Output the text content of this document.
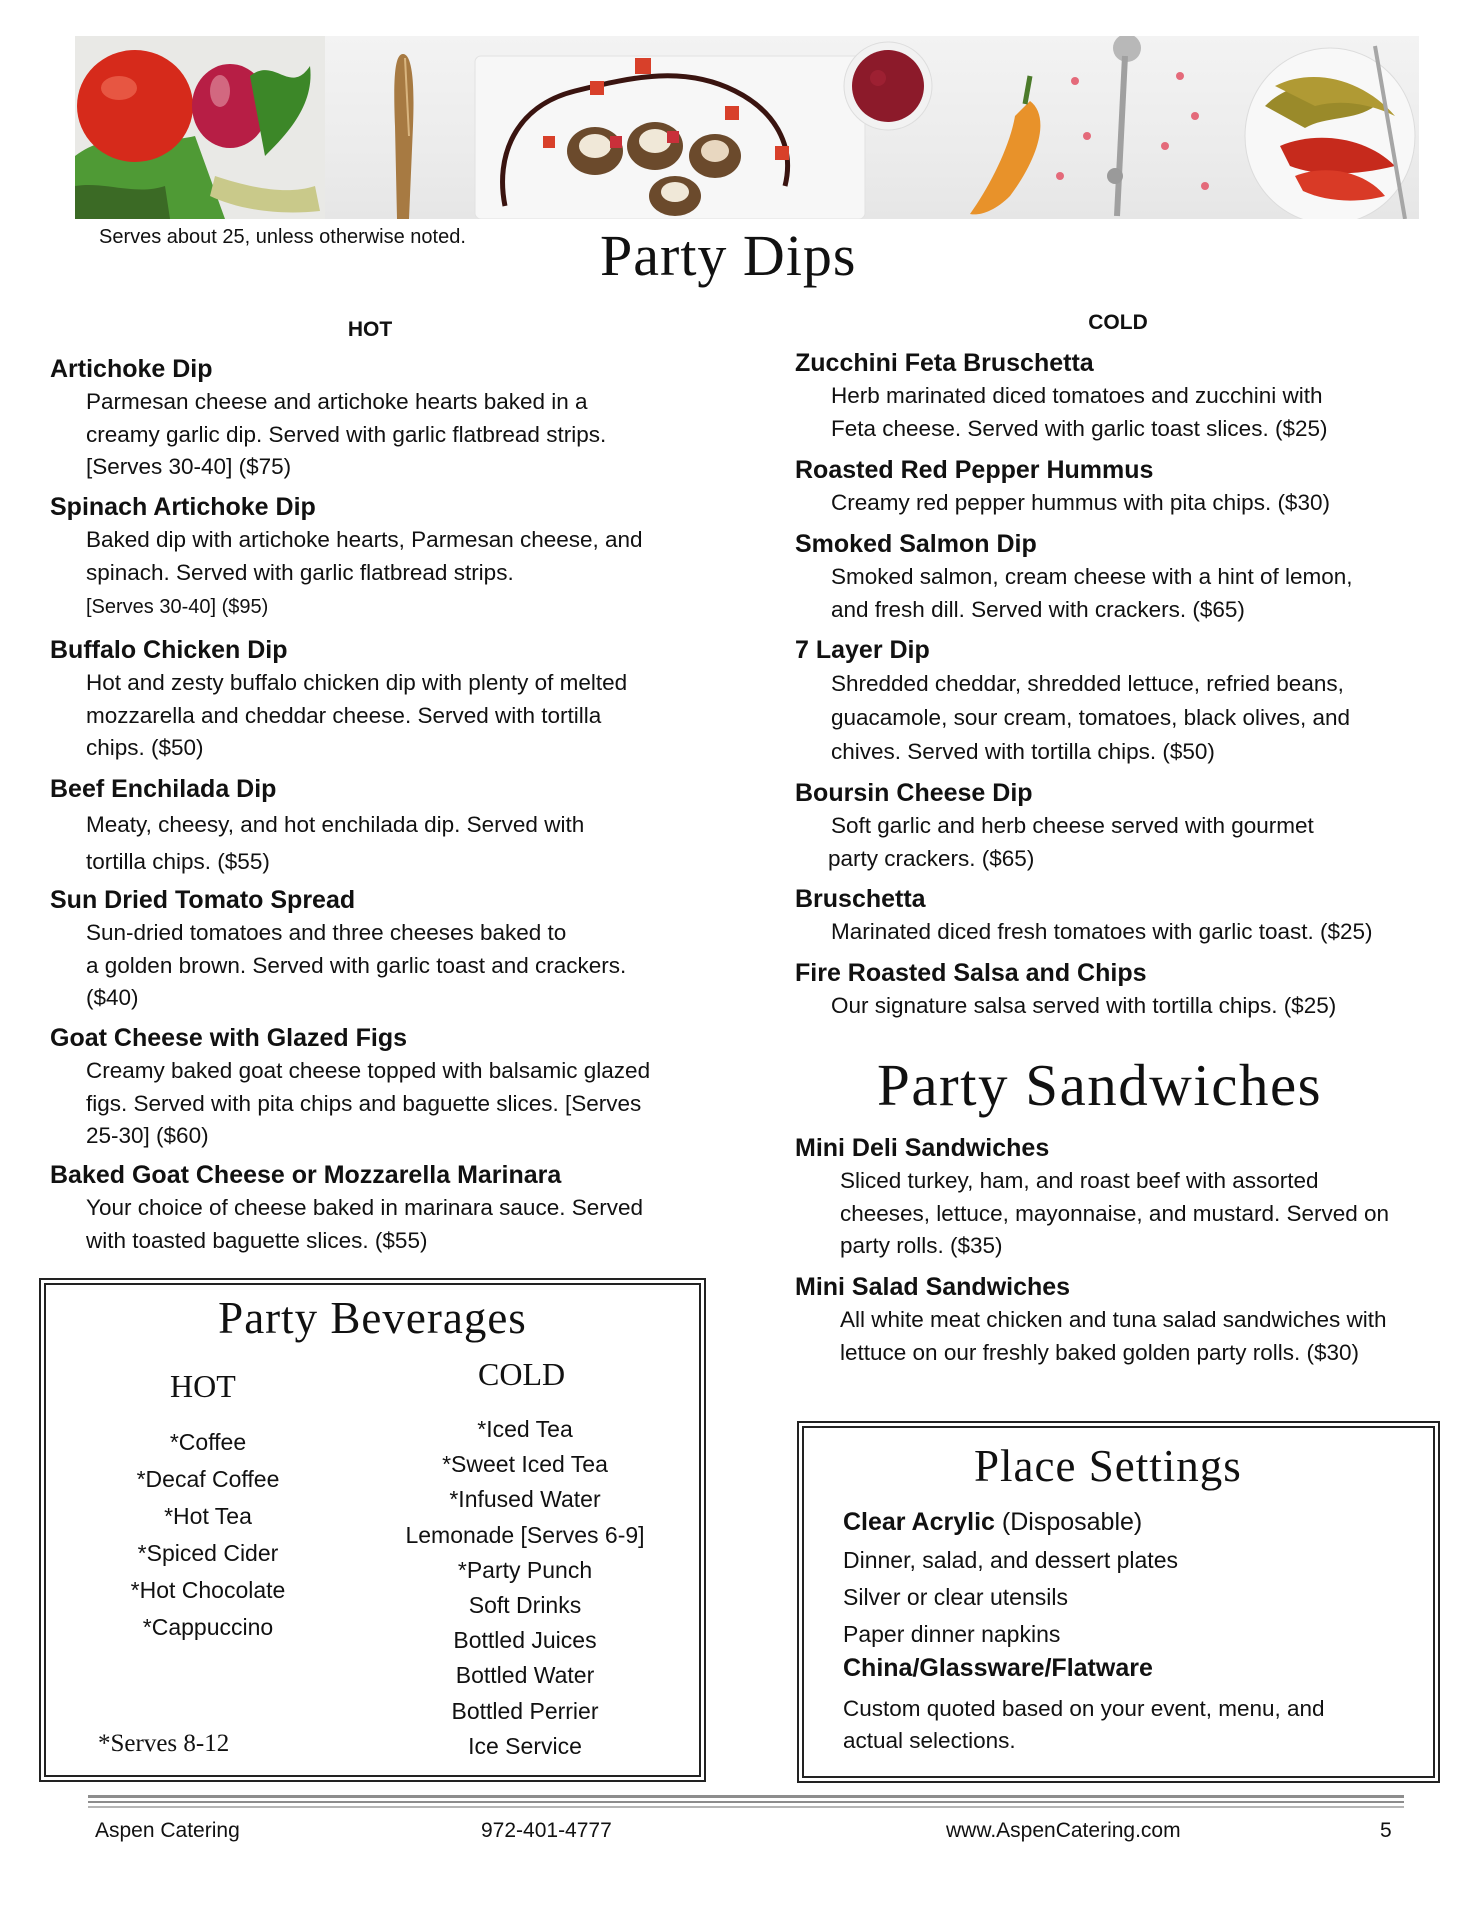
Serves about 25, unless otherwise noted. Party Dips
HOT
Artichoke Dip
Parmesan cheese and artichoke hearts baked in a
creamy garlic dip. Served with garlic flatbread strips.
[Serves 30-40] ($75)
Spinach Artichoke Dip
Baked dip with artichoke hearts, Parmesan cheese, and
spinach. Served with garlic flatbread strips.
[Serves 30-40] ($95)
Buffalo Chicken Dip
Hot and zesty buffalo chicken dip with plenty of melted
mozzarella and cheddar cheese. Served with tortilla
chips. ($50)
Beef Enchilada Dip
Meaty, cheesy, and hot enchilada dip. Served with
tortilla chips. ($55)
Sun Dried Tomato Spread
Sun-dried tomatoes and three cheeses baked to
a golden brown. Served with garlic toast and crackers.
($40)
Goat Cheese with Glazed Figs
Creamy baked goat cheese topped with balsamic glazed
figs. Served with pita chips and baguette slices. [Serves
25-30] ($60)
Baked Goat Cheese or Mozzarella Marinara
Your choice of cheese baked in marinara sauce. Served
with toasted baguette slices. ($55)
COLD
Zucchini Feta Bruschetta
Herb marinated diced tomatoes and zucchini with
Feta cheese. Served with garlic toast slices. ($25)
Roasted Red Pepper Hummus
Creamy red pepper hummus with pita chips. ($30)
Smoked Salmon Dip
Smoked salmon, cream cheese with a hint of lemon,
and fresh dill. Served with crackers. ($65)
7 Layer Dip
Shredded cheddar, shredded lettuce, refried beans,
guacamole, sour cream, tomatoes, black olives, and
chives. Served with tortilla chips. ($50)
Boursin Cheese Dip
Soft garlic and herb cheese served with gourmet
party crackers. ($65)
Bruschetta
Marinated diced fresh tomatoes with garlic toast. ($25)
Fire Roasted Salsa and Chips
Our signature salsa served with tortilla chips. ($25)
Party Sandwiches
Mini Deli Sandwiches
Sliced turkey, ham, and roast beef with assorted
cheeses, lettuce, mayonnaise, and mustard. Served on
party rolls. ($35)
Mini Salad Sandwiches
All white meat chicken and tuna salad sandwiches with
lettuce on our freshly baked golden party rolls. ($30)
Party Beverages
HOT	COLD
*Coffee
*Decaf Coffee
*Hot Tea
*Spiced Cider
*Hot Chocolate
*Cappuccino
*Iced Tea
*Sweet Iced Tea
*Infused Water
Lemonade [Serves 6-9]
*Party Punch
Soft Drinks
Bottled Juices
Bottled Water
Bottled Perrier
Ice Service
*Serves 8-12
Place Settings
Clear Acrylic (Disposable)
Dinner, salad, and dessert plates
Silver or clear utensils
Paper dinner napkins
China/Glassware/Flatware
Custom quoted based on your event, menu, and
actual selections.
Aspen Catering	972-401-4777	www.AspenCatering.com	5
